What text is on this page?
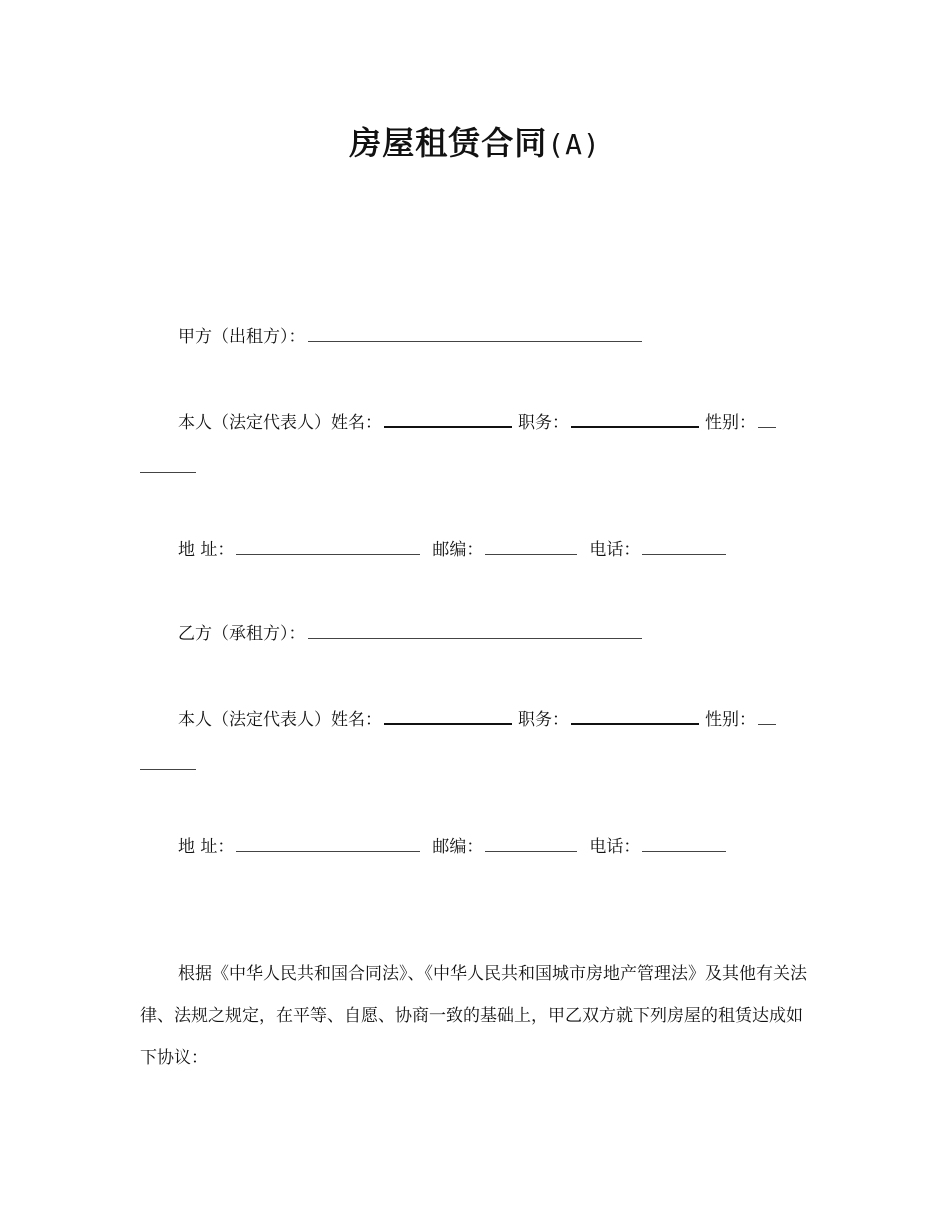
房屋租赁合同(A)
甲方（出租方）：
本人（法定代表人）姓名：	职务：	性别：
地 址：	邮编：	电话：
乙方（承租方）：
本人（法定代表人）姓名：	职务：	性别：
地 址：	邮编：	电话：
根据《中华人民共和国合同法》、《中华人民共和国城市房地产管理法》及其他有关法律、法规之规定，在平等、自愿、协商一致的基础上，甲乙双方就下列房屋的租赁达成如下协议：
